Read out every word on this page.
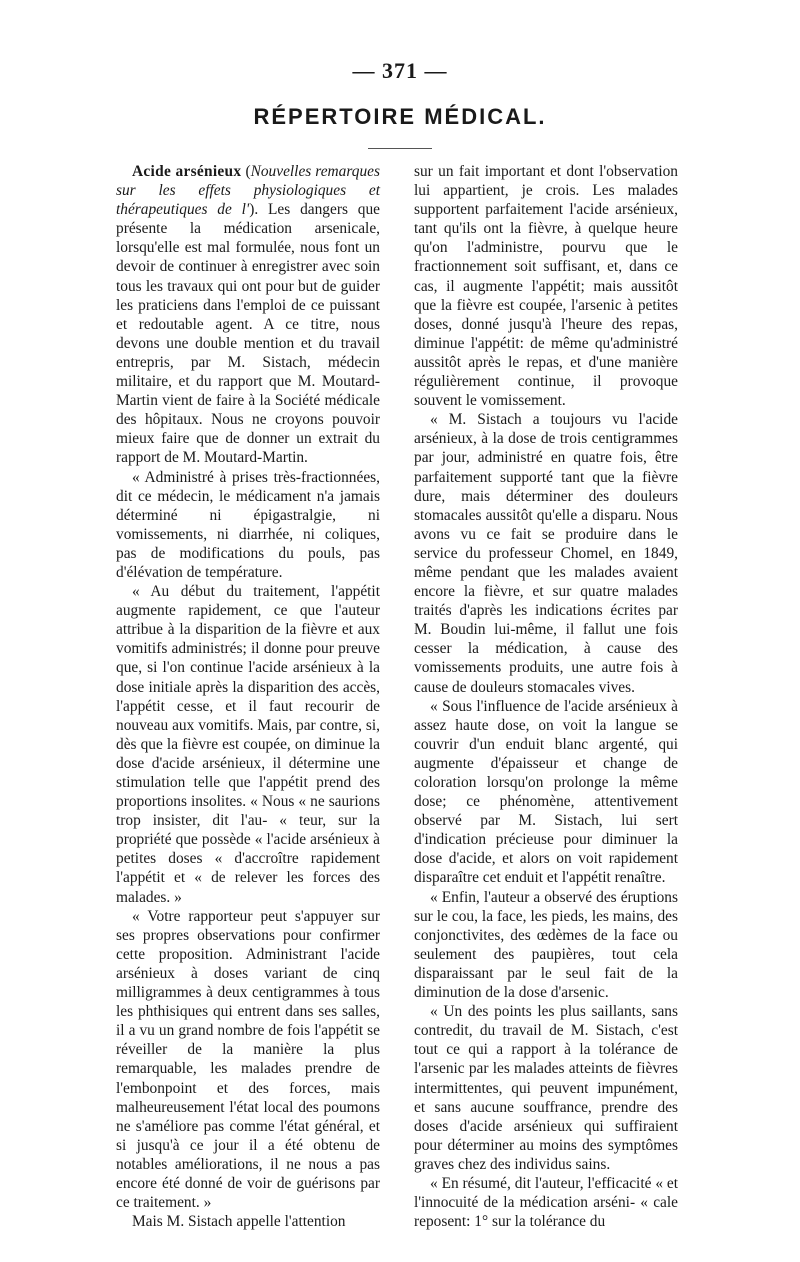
— 371 —
RÉPERTOIRE MÉDICAL.

Acide arsénieux (Nouvelles remarques sur les effets physiologiques et thérapeutiques de l'). Les dangers que présente la médication arsenicale, lorsqu'elle est mal formulée, nous font un devoir de continuer à enregistrer avec soin tous les travaux qui ont pour but de guider les praticiens dans l'emploi de ce puissant et redoutable agent. A ce titre, nous devons une double mention et du travail entrepris, par M. Sistach, médecin militaire, et du rapport que M. Moutard-Martin vient de faire à la Société médicale des hôpitaux. Nous ne croyons pouvoir mieux faire que de donner un extrait du rapport de M. Moutard-Martin.

« Administré à prises très-fractionnées, dit ce médecin, le médicament n'a jamais déterminé ni épigastralgie, ni vomissements, ni diarrhée, ni coliques, pas de modifications du pouls, pas d'élévation de température.

« Au début du traitement, l'appétit augmente rapidement, ce que l'auteur attribue à la disparition de la fièvre et aux vomitifs administrés; il donne pour preuve que, si l'on continue l'acide arsénieux à la dose initiale après la disparition des accès, l'appétit cesse, et il faut recourir de nouveau aux vomitifs. Mais, par contre, si, dès que la fièvre est coupée, on diminue la dose d'acide arsénieux, il détermine une stimulation telle que l'appétit prend des proportions insolites. « Nous « ne saurions trop insister, dit l'au- « teur, sur la propriété que possède « l'acide arsénieux à petites doses « d'accroître rapidement l'appétit et « de relever les forces des malades. »

« Votre rapporteur peut s'appuyer sur ses propres observations pour confirmer cette proposition. Administrant l'acide arsénieux à doses variant de cinq milligrammes à deux centigrammes à tous les phthisiques qui entrent dans ses salles, il a vu un grand nombre de fois l'appétit se réveiller de la manière la plus remarquable, les malades prendre de l'embonpoint et des forces, mais malheureusement l'état local des poumons ne s'améliore pas comme l'état général, et si jusqu'à ce jour il a été obtenu de notables améliorations, il ne nous a pas encore été donné de voir de guérisons par ce traitement. »

Mais M. Sistach appelle l'attention

sur un fait important et dont l'observation lui appartient, je crois. Les malades supportent parfaitement l'acide arsénieux, tant qu'ils ont la fièvre, à quelque heure qu'on l'administre, pourvu que le fractionnement soit suffisant, et, dans ce cas, il augmente l'appétit; mais aussitôt que la fièvre est coupée, l'arsenic à petites doses, donné jusqu'à l'heure des repas, diminue l'appétit: de même qu'administré aussitôt après le repas, et d'une manière régulièrement continue, il provoque souvent le vomissement.

« M. Sistach a toujours vu l'acide arsénieux, à la dose de trois centigrammes par jour, administré en quatre fois, être parfaitement supporté tant que la fièvre dure, mais déterminer des douleurs stomacales aussitôt qu'elle a disparu. Nous avons vu ce fait se produire dans le service du professeur Chomel, en 1849, même pendant que les malades avaient encore la fièvre, et sur quatre malades traités d'après les indications écrites par M. Boudin lui-même, il fallut une fois cesser la médication, à cause des vomissements produits, une autre fois à cause de douleurs stomacales vives.

« Sous l'influence de l'acide arsénieux à assez haute dose, on voit la langue se couvrir d'un enduit blanc argenté, qui augmente d'épaisseur et change de coloration lorsqu'on prolonge la même dose; ce phénomène, attentivement observé par M. Sistach, lui sert d'indication précieuse pour diminuer la dose d'acide, et alors on voit rapidement disparaître cet enduit et l'appétit renaître.

« Enfin, l'auteur a observé des éruptions sur le cou, la face, les pieds, les mains, des conjonctivites, des œdèmes de la face ou seulement des paupières, tout cela disparaissant par le seul fait de la diminution de la dose d'arsenic.

« Un des points les plus saillants, sans contredit, du travail de M. Sistach, c'est tout ce qui a rapport à la tolérance de l'arsenic par les malades atteints de fièvres intermittentes, qui peuvent impunément, et sans aucune souffrance, prendre des doses d'acide arsénieux qui suffiraient pour déterminer au moins des symptômes graves chez des individus sains.

« En résumé, dit l'auteur, l'efficacité « et l'innocuité de la médication arséni- « cale reposent: 1° sur la tolérance du
